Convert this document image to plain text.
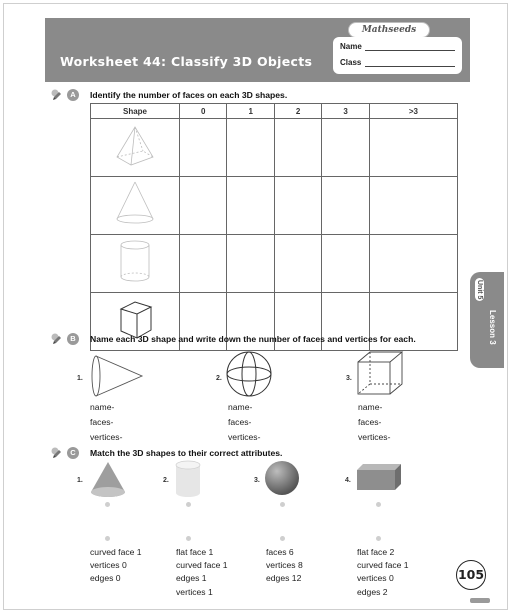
Mathseeds
Worksheet 44: Classify 3D Objects
Name
Class
A	Identify the number of faces on each 3D shapes.
Shape	0	1	2	3	>3

Unit 5
Lesson 3
B	Name each 3D shape and write down the number of faces and vertices for each.
1.
name-
faces-
vertices-
2.
name-
faces-
vertices-
3.
name-
faces-
vertices-
C	Match the 3D shapes to their correct attributes.
1.	2.	3.	4.
curved face 1
vertices 0
edges 0
flat face 1
curved face 1
edges 1
vertices 1
faces 6
vertices 8
edges 12
flat face 2
curved face 1
vertices 0
edges 2
105
